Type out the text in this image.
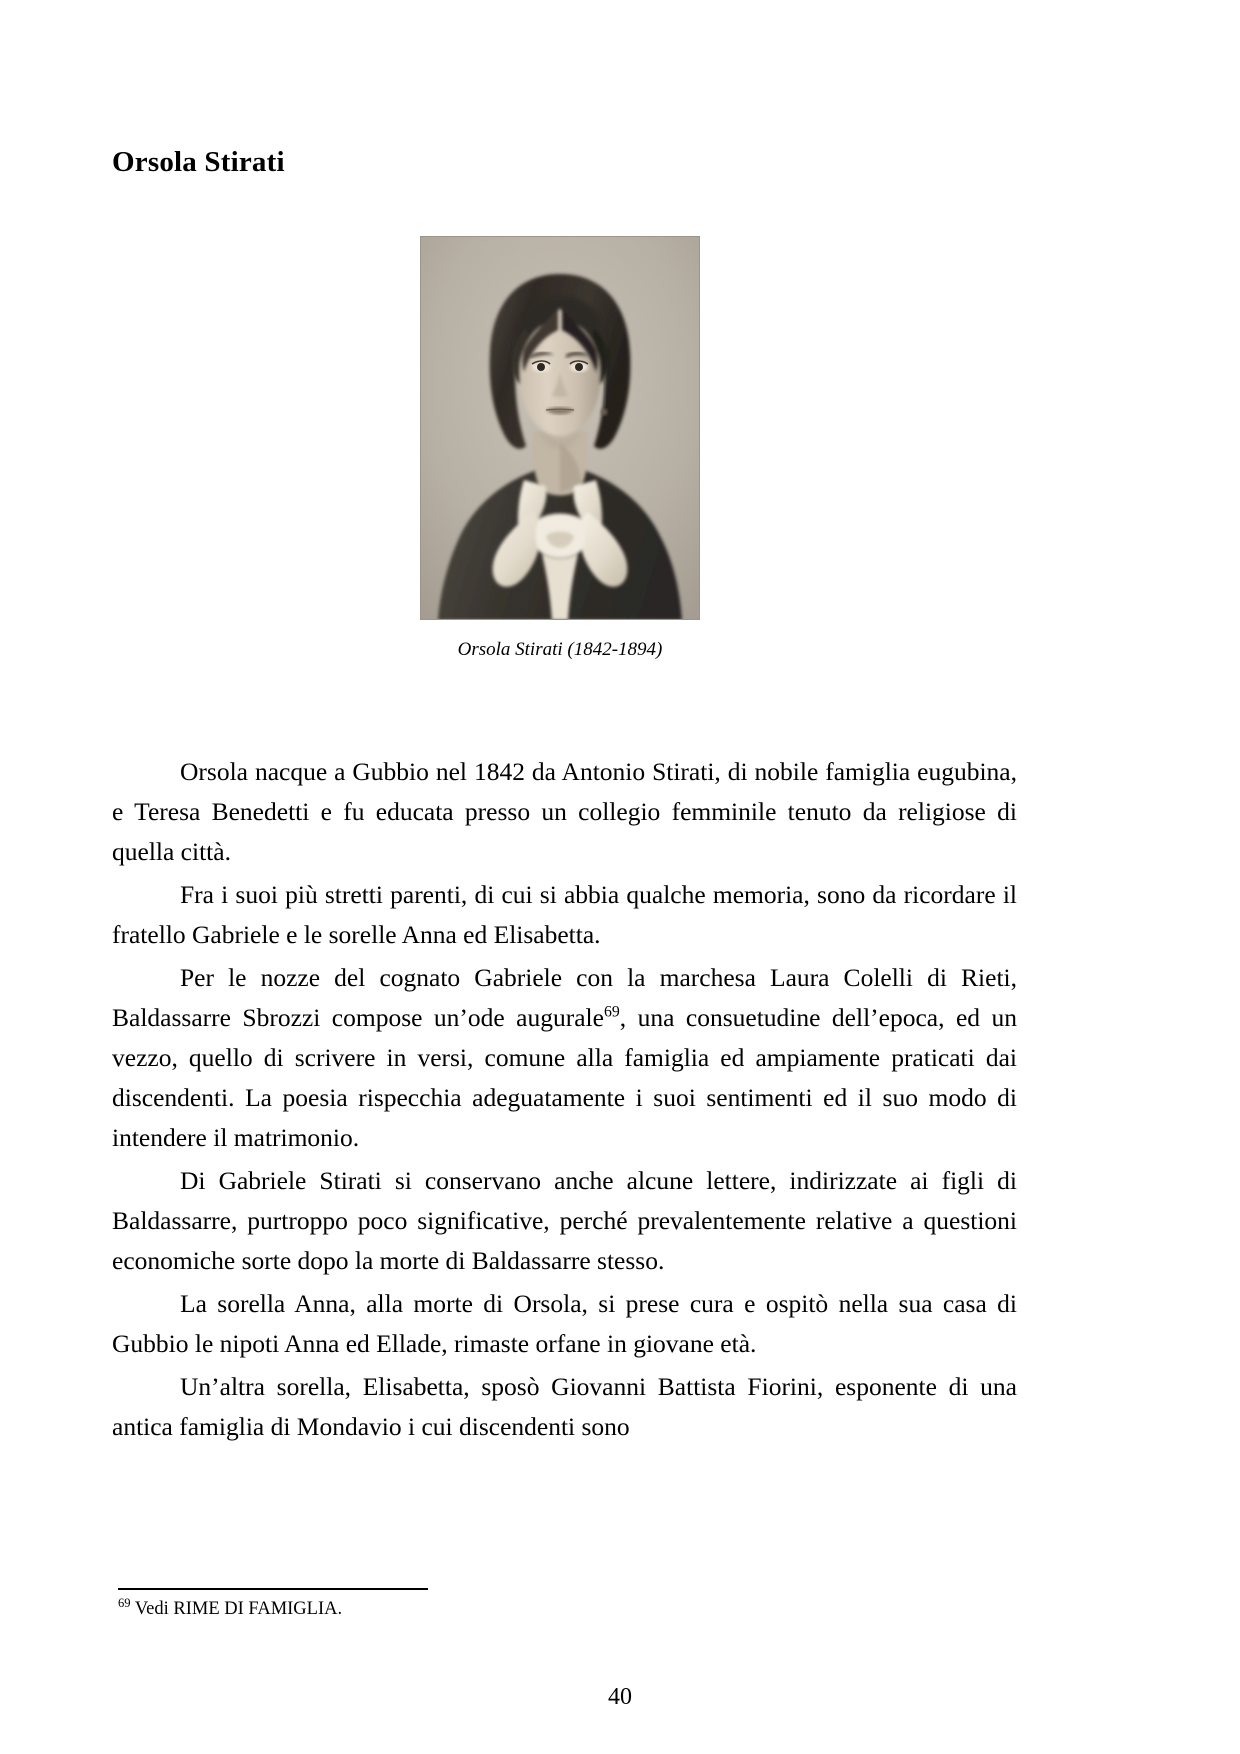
Orsola Stirati
Orsola Stirati (1842-1894)

Orsola nacque a Gubbio nel 1842 da Antonio Stirati, di nobile famiglia eugubina, e Teresa Benedetti e fu educata presso un collegio femminile tenuto da religiose di quella città.

Fra i suoi più stretti parenti, di cui si abbia qualche memoria, sono da ricordare il fratello Gabriele e le sorelle Anna ed Elisabetta.

Per le nozze del cognato Gabriele con la marchesa Laura Colelli di Rieti, Baldassarre Sbrozzi compose un’ode augurale$^{69}$, una consuetudine dell’epoca, ed un vezzo, quello di scrivere in versi, comune alla famiglia ed ampiamente praticati dai discendenti. La poesia rispecchia adeguatamente i suoi sentimenti ed il suo modo di intendere il matrimonio.

Di Gabriele Stirati si conservano anche alcune lettere, indirizzate ai figli di Baldassarre, purtroppo poco significative, perché prevalentemente relative a questioni economiche sorte dopo la morte di Baldassarre stesso.

La sorella Anna, alla morte di Orsola, si prese cura e ospitò nella sua casa di Gubbio le nipoti Anna ed Ellade, rimaste orfane in giovane età.

Un’altra sorella, Elisabetta, sposò Giovanni Battista Fiorini, esponente di una antica famiglia di Mondavio i cui discendenti sono

$^{69}$ Vedi RIME DI FAMIGLIA.
40
